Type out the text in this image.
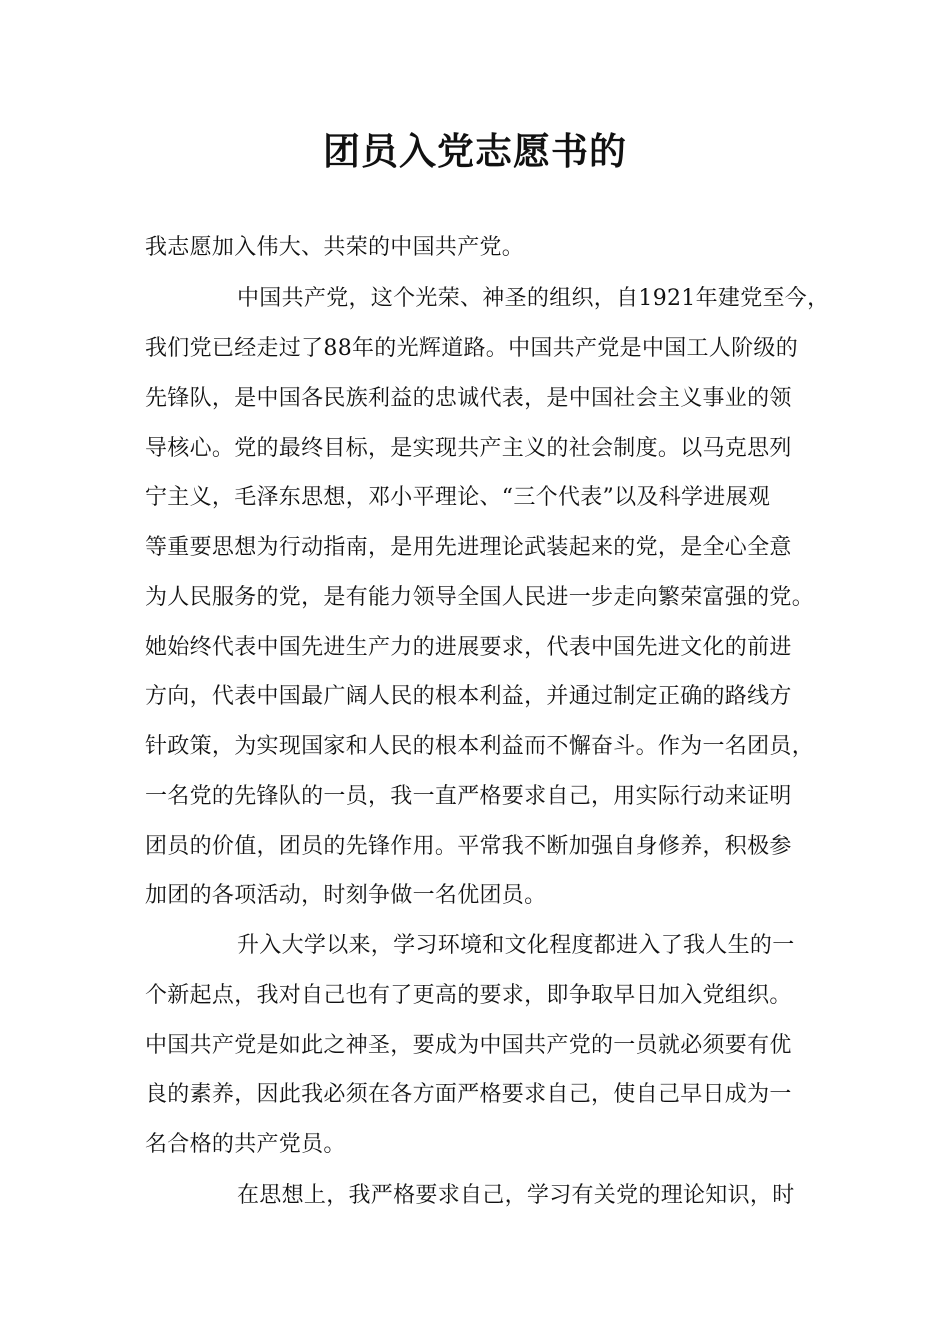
团员入党志愿书的
我志愿加入伟大、共荣的中国共产党。
中国共产党，这个光荣、神圣的组织，自1921年建党至今，
我们党已经走过了88年的光辉道路。中国共产党是中国工人阶级的
先锋队，是中国各民族利益的忠诚代表，是中国社会主义事业的领
导核心。党的最终目标，是实现共产主义的社会制度。以马克思列
宁主义，毛泽东思想，邓小平理论、“三个代表”以及科学进展观
等重要思想为行动指南，是用先进理论武装起来的党，是全心全意
为人民服务的党，是有能力领导全国人民进一步走向繁荣富强的党。
她始终代表中国先进生产力的进展要求，代表中国先进文化的前进
方向，代表中国最广阔人民的根本利益，并通过制定正确的路线方
针政策，为实现国家和人民的根本利益而不懈奋斗。作为一名团员，
一名党的先锋队的一员，我一直严格要求自己，用实际行动来证明
团员的价值，团员的先锋作用。平常我不断加强自身修养，积极参
加团的各项活动，时刻争做一名优团员。
升入大学以来，学习环境和文化程度都进入了我人生的一
个新起点，我对自己也有了更高的要求，即争取早日加入党组织。
中国共产党是如此之神圣，要成为中国共产党的一员就必须要有优
良的素养，因此我必须在各方面严格要求自己，使自己早日成为一
名合格的共产党员。
在思想上，我严格要求自己，学习有关党的理论知识，时
